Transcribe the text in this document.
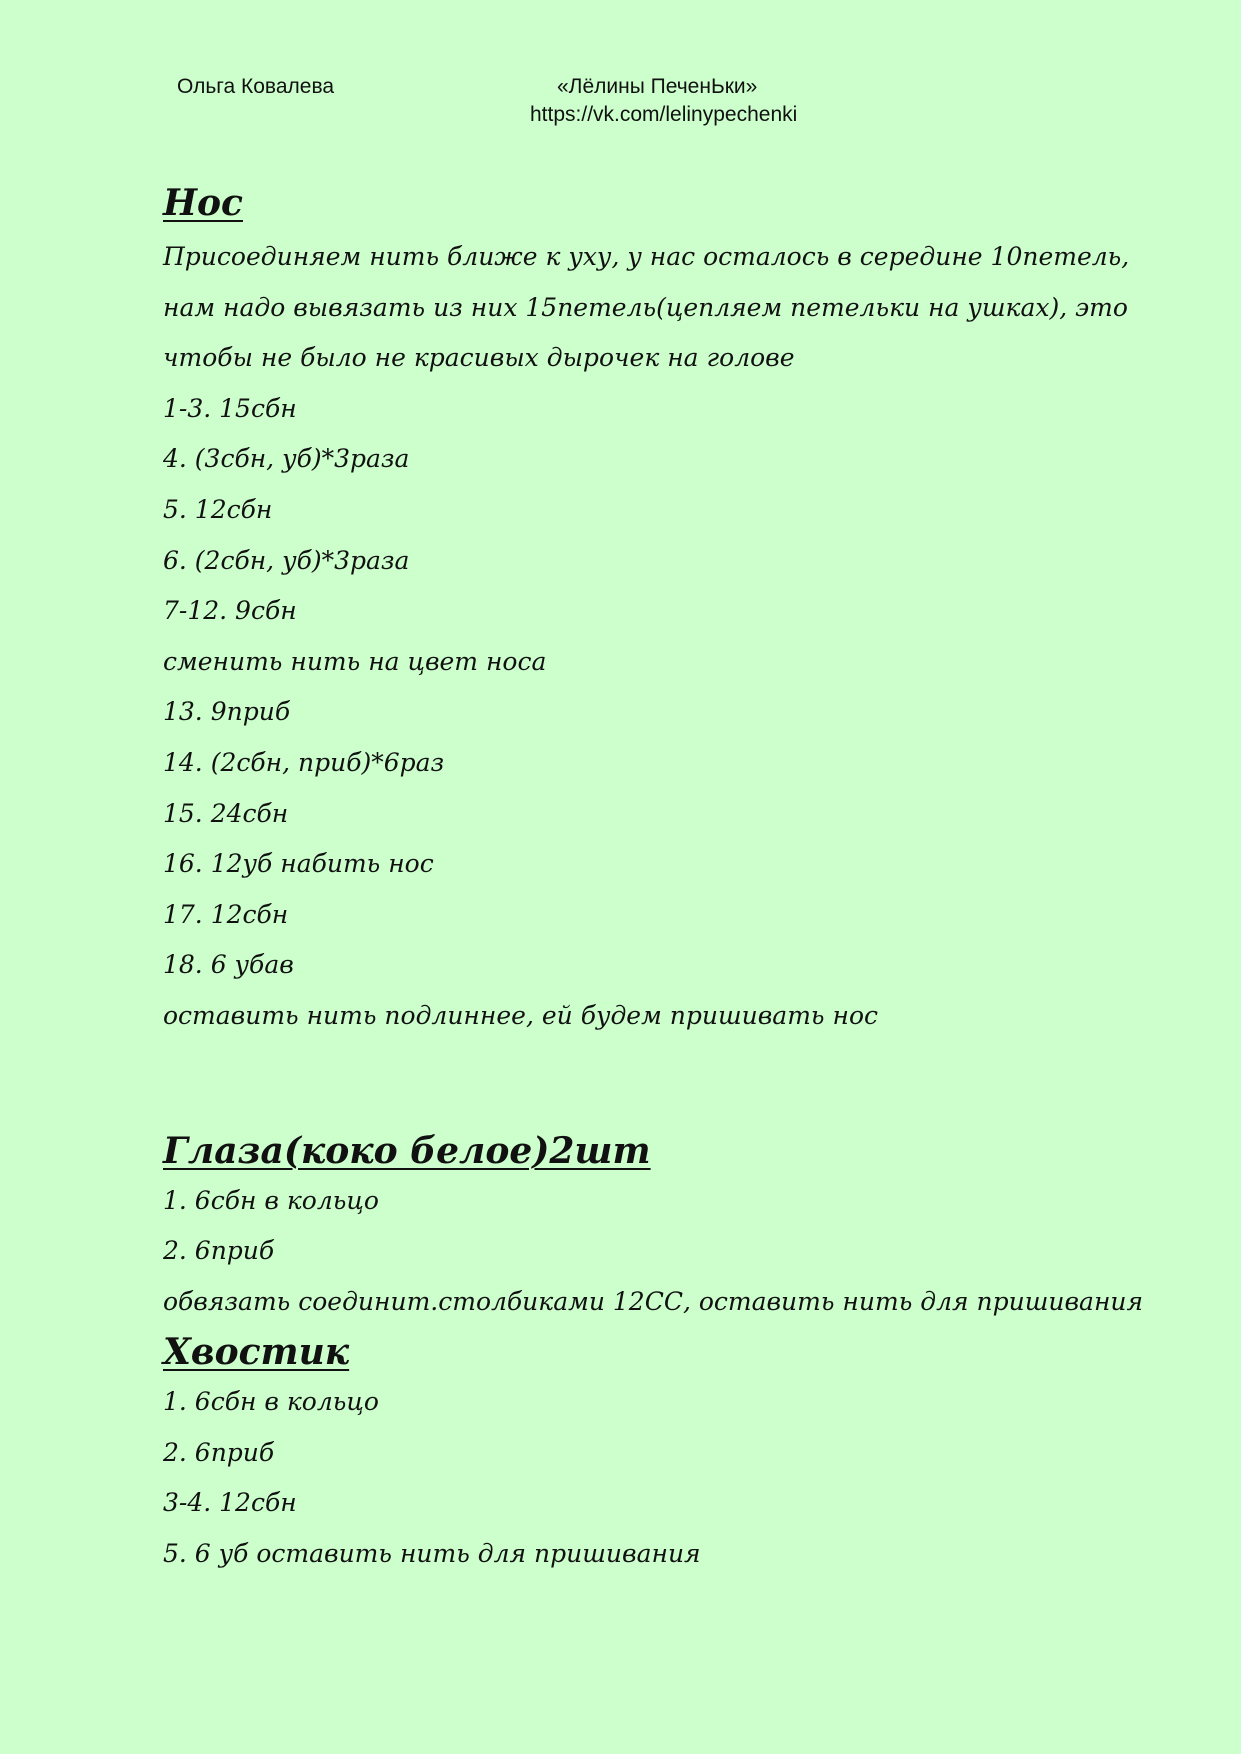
Ольга Ковалева	«Лёлины ПеченЬки»
https://vk.com/lelinypechenki
Нос

Присоединяем нить ближе к уху, у нас осталось в середине 10петель, нам надо вывязать из них 15петель(цепляем петельки на ушках), это чтобы не было не красивых дырочек на голове

1-3. 15сбн
4. (3сбн, уб)*3раза
5. 12сбн
6. (2сбн, уб)*3раза
7-12. 9сбн
сменить нить на цвет носа
13. 9приб
14. (2сбн, приб)*6раз
15. 24сбн
16. 12уб набить нос
17. 12сбн
18. 6 убав
оставить нить подлиннее, ей будем пришивать нос
Глаза(коко белое)2шт
1. 6сбн в кольцо
2. 6приб
обвязать соединит.столбиками 12СС, оставить нить для пришивания
Хвостик
1. 6сбн в кольцо
2. 6приб
3-4. 12сбн
5. 6 уб оставить нить для пришивания
